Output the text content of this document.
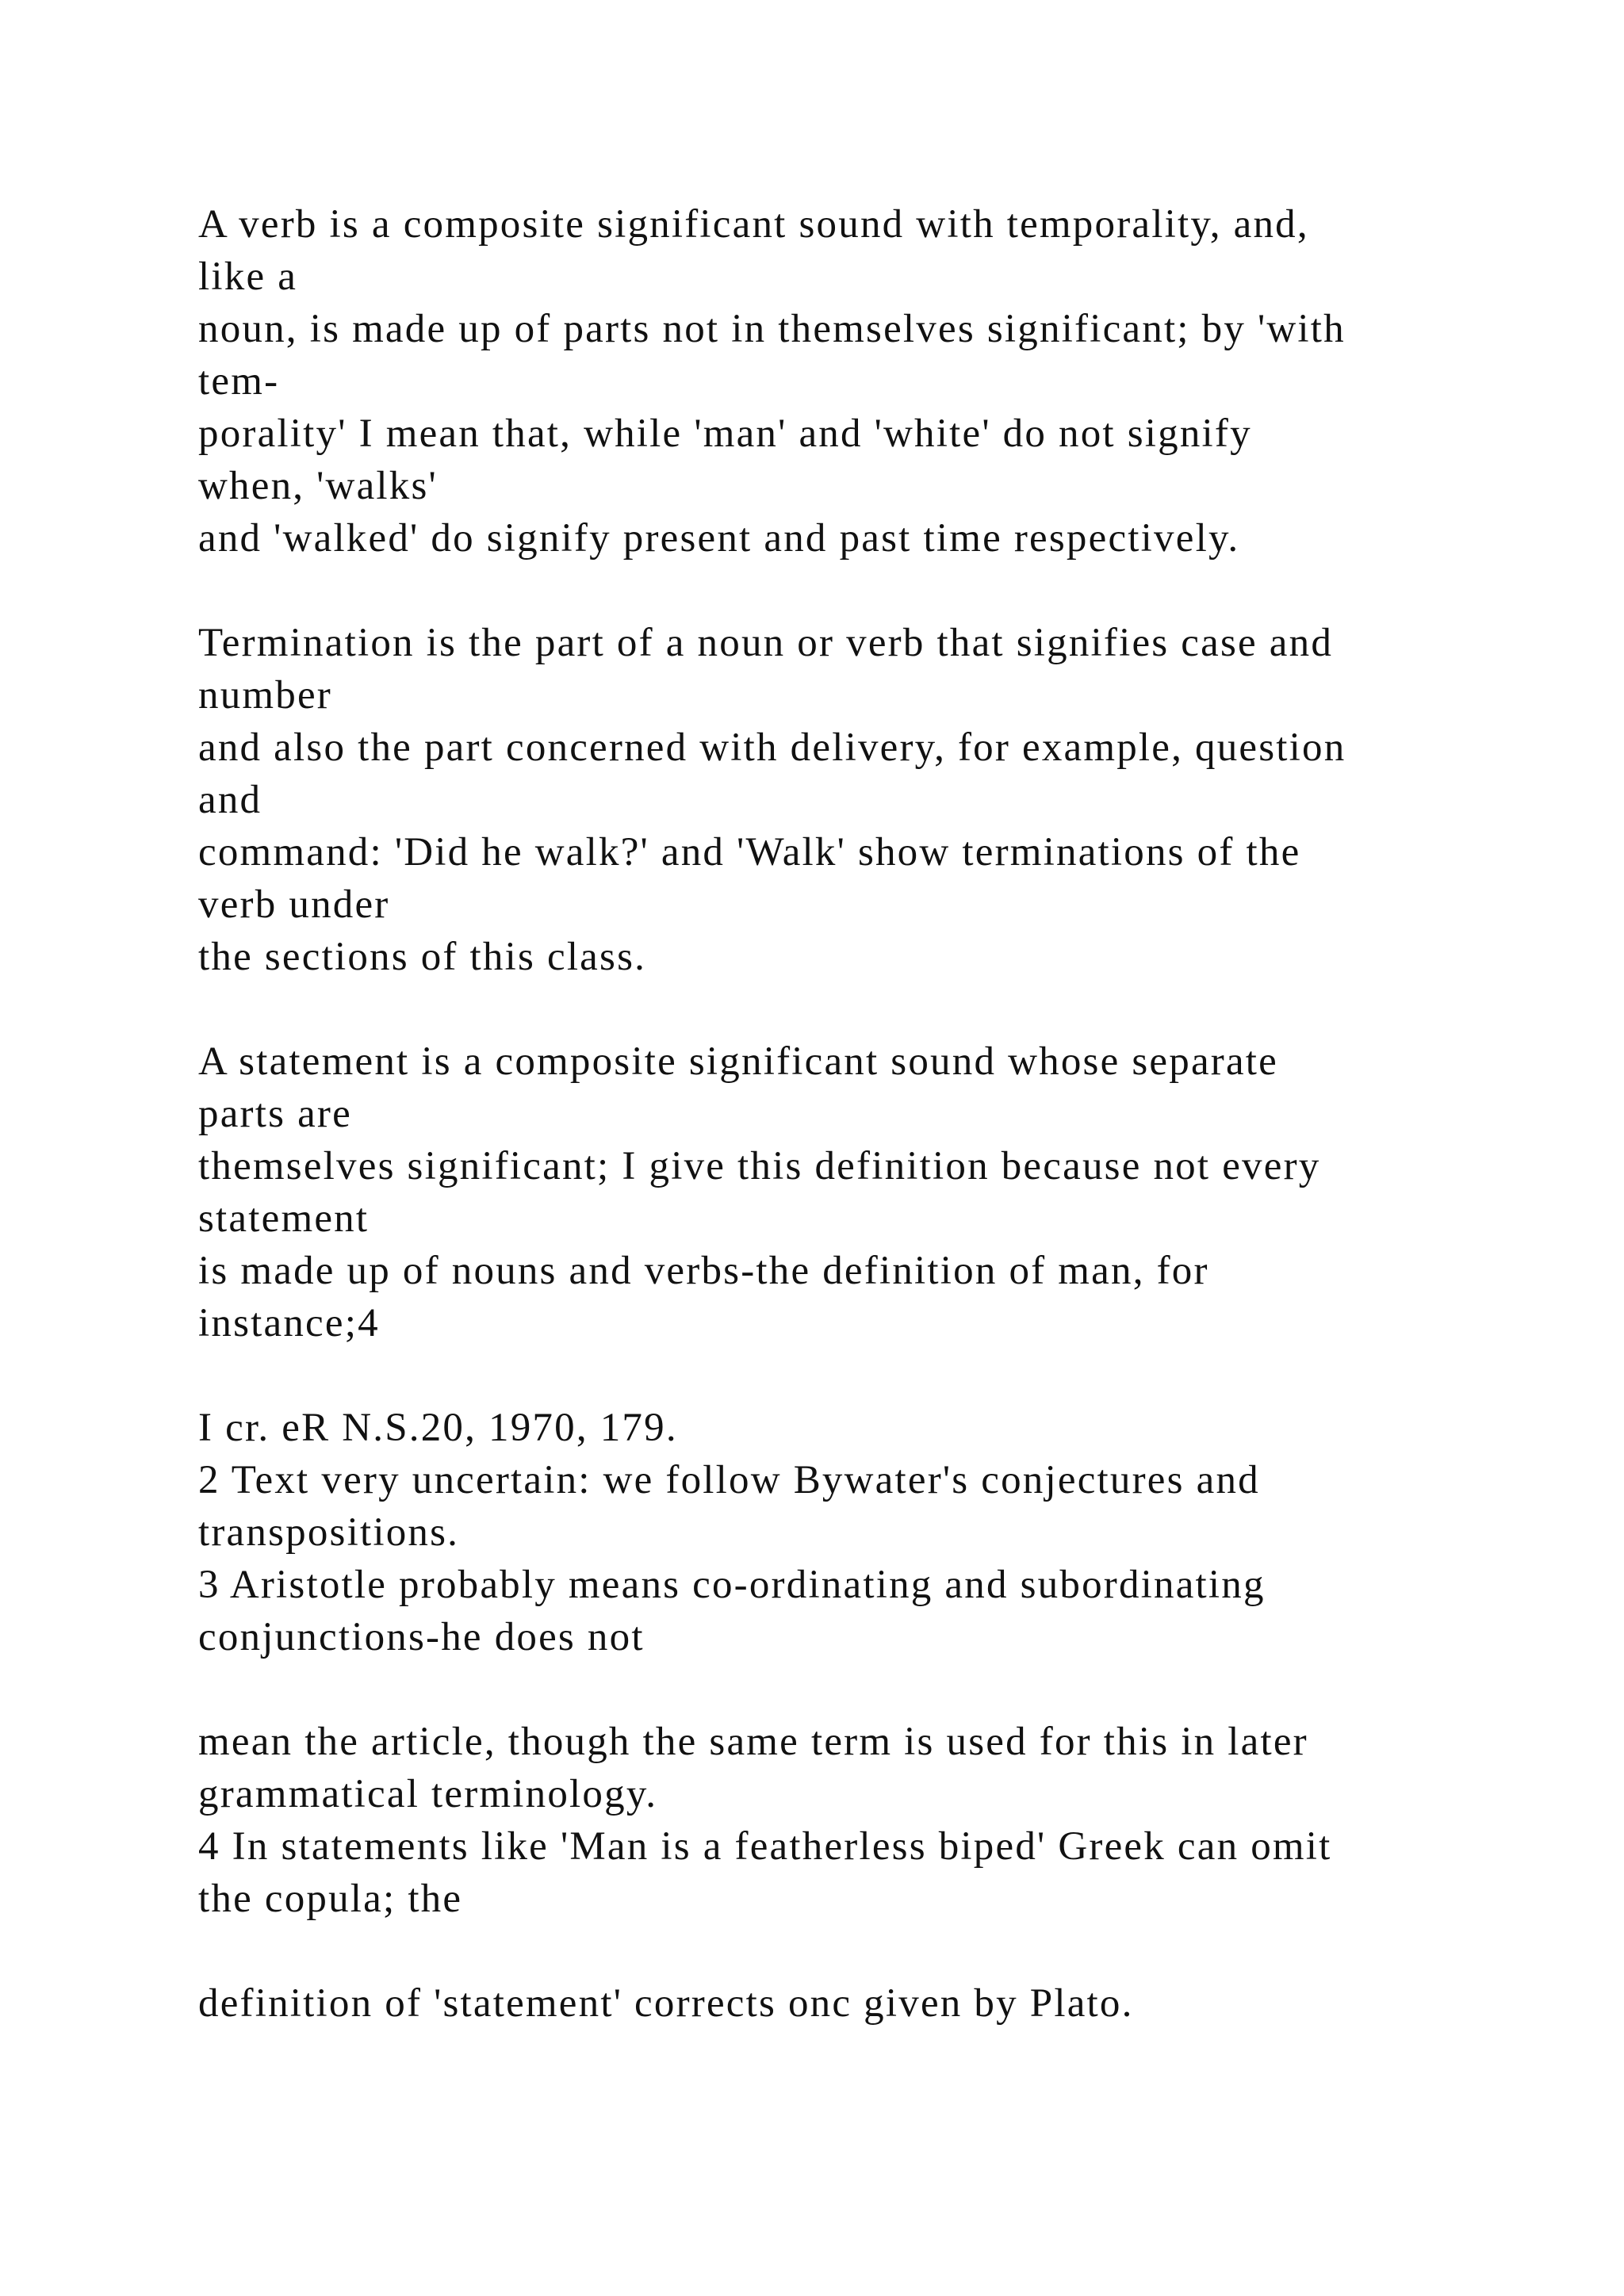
A verb is a composite significant sound with temporality, and,
like a
noun, is made up of parts not in themselves significant; by 'with
tem-
porality' I mean that, while 'man' and 'white' do not signify
when, 'walks'
and 'walked' do signify present and past time respectively.
Termination is the part of a noun or verb that signifies case and
number
and also the part concerned with delivery, for example, question
and
command: 'Did he walk?' and 'Walk' show terminations of the
verb under
the sections of this class.
A statement is a composite significant sound whose separate
parts are
themselves significant; I give this definition because not every
statement
is made up of nouns and verbs-the definition of man, for
instance;4
I cr. eR N.S.20, 1970, 179.
2 Text very uncertain: we follow Bywater's conjectures and
transpositions.
3 Aristotle probably means co-ordinating and subordinating
conjunctions-he does not
mean the article, though the same term is used for this in later
grammatical terminology.
4 In statements like 'Man is a featherless biped' Greek can omit
the copula; the
definition of 'statement' corrects onc given by Plato.
